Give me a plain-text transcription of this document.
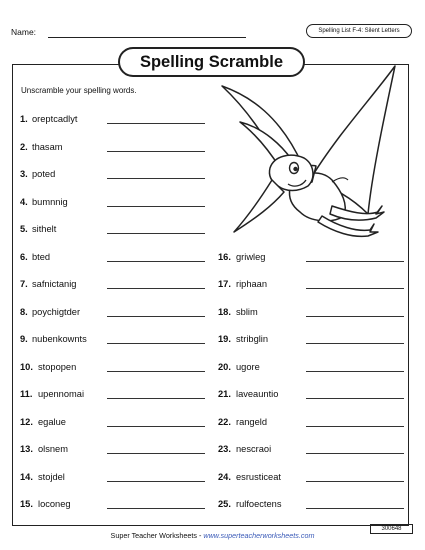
Name:	Spelling List F-4: Silent Letters
Spelling Scramble
Unscramble your spelling words.
1. oreptcadlyt
2. thasam
3. poted
4. bumnnig
5. sithelt
6. bted
7. safnictanig
8. poychigtder
9. nubenkownts
10. stopopen
11. upennomai
12. egalue
13. olsnem
14. stojdel
15. loconeg
16. griwleg
17. riphaan
18. sblim
19. stribglin
20. ugore
21. laveauntio
22. rangeld
23. nescraoi
24. esrusticeat
25. rulfoectens
Super Teacher Worksheets - www.superteacherworksheets.com
300648
